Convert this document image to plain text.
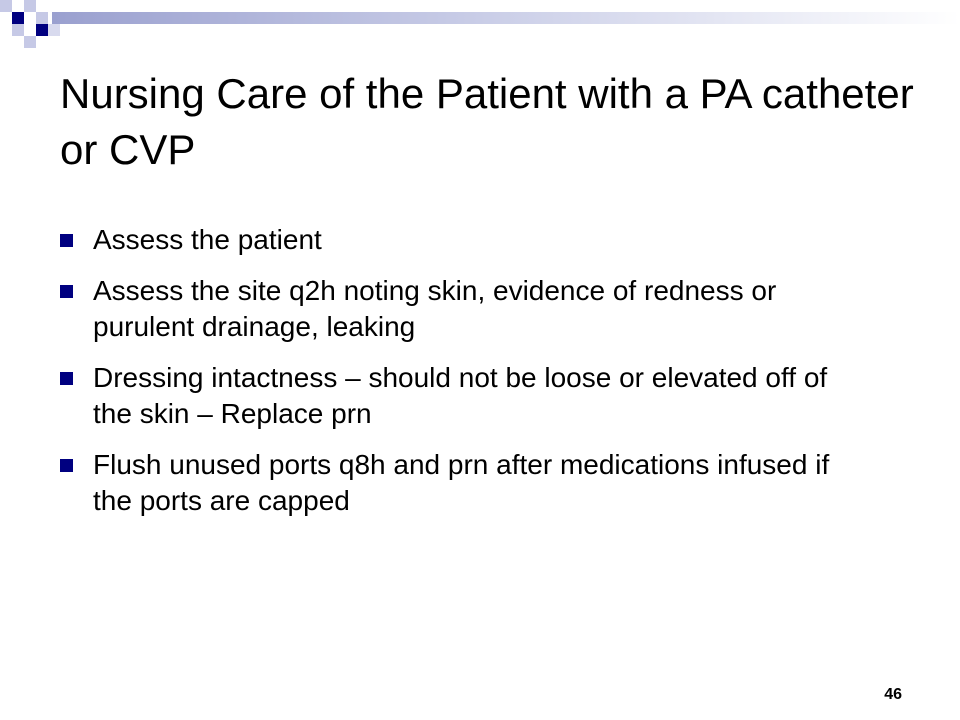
Nursing Care of the Patient with a PA catheter or CVP
Assess the patient
Assess the site q2h noting skin, evidence of redness or purulent drainage, leaking
Dressing intactness – should not be loose or elevated off of the skin – Replace prn
Flush unused ports q8h and prn after medications infused if the ports are capped
46
